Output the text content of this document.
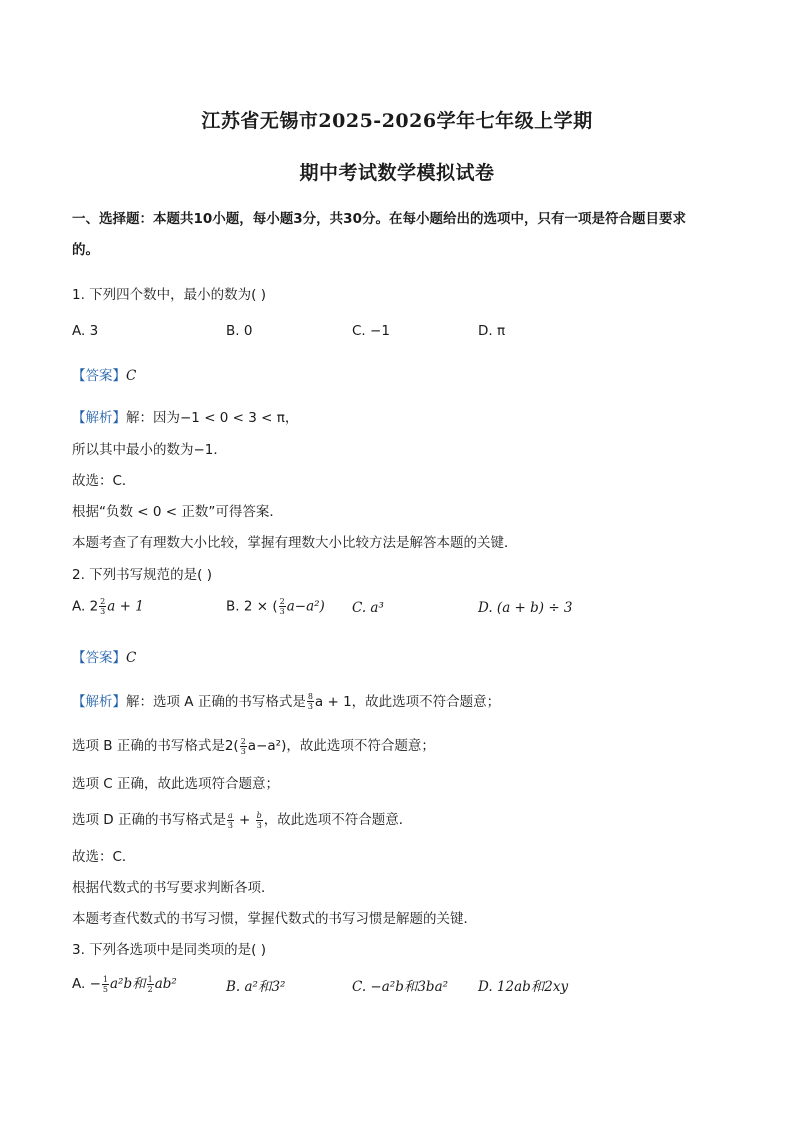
江苏省无锡市2025-2026学年七年级上学期
期中考试数学模拟试卷
一、选择题：本题共10小题，每小题3分，共30分。在每小题给出的选项中，只有一项是符合题目要求
的。
1. 下列四个数中，最小的数为( )
A. 3	B. 0	C. −1	D. π
【答案】C
【解析】解：因为−1 < 0 < 3 < π，
所以其中最小的数为−1．
故选：C．
根据“负数 < 0 < 正数”可得答案．
本题考查了有理数大小比较，掌握有理数大小比较方法是解答本题的关键．
2. 下列书写规范的是( )
A. $2 \frac{2}{3}$ a + 1	B. 2 × ( $\frac{2}{3} a-a^2$) C. a³	D. (a + b) ÷ 3
【答案】C
【解析】解：选项 A 正确的书写格式是 $\frac{8}{3}$ a + 1，故此选项不符合题意；
选项 B 正确的书写格式是$2( \frac{2}{3} a-a^2)$，故此选项不符合题意；
选项 C 正确，故此选项符合题意；
选项 D 正确的书写格式是 $\frac{a}{3} + \frac{b}{3}$ ，故此选项不符合题意．
故选：C．
根据代数式的书写要求判断各项．
本题考查代数式的书写习惯，掌握代数式的书写习惯是解题的关键．
3. 下列各选项中是同类项的是( )
A. − $\frac{1}{5} a^2b$和 $\frac{1}{2} ab^2$	B. a²和3²	C. −a²b和3ba² D. 12ab和2xy
